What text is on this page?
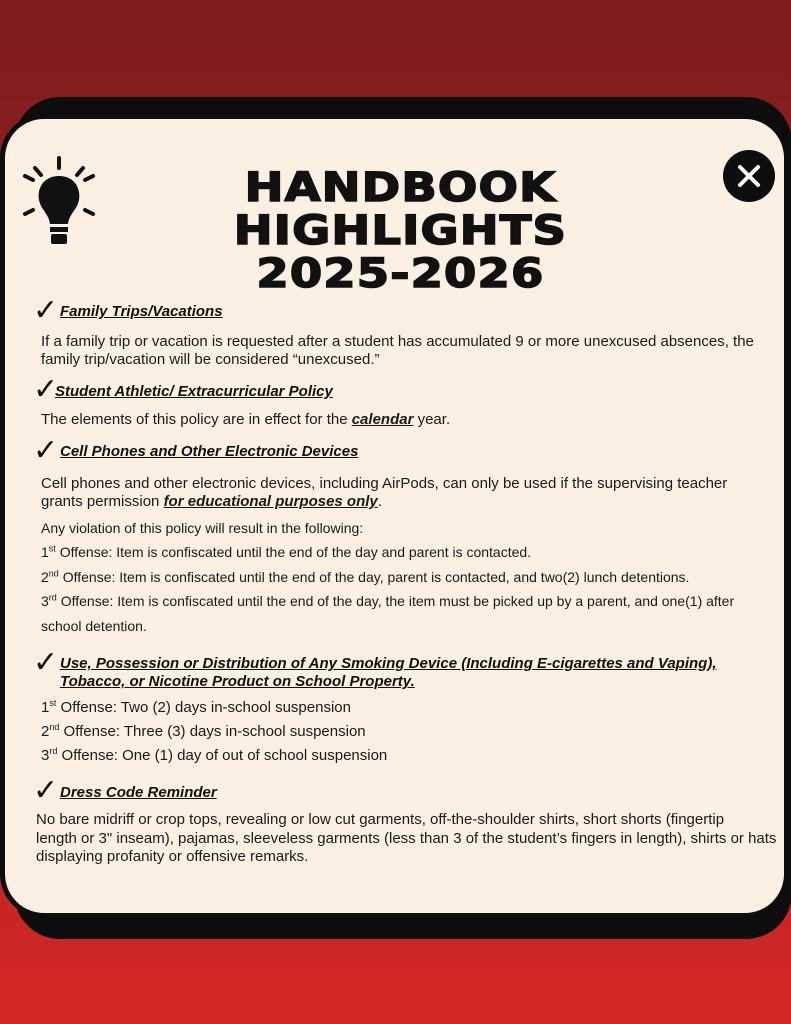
HANDBOOK
HIGHLIGHTS
2025-2026
✓ Family Trips/Vacations
If a family trip or vacation is requested after a student has accumulated 9 or more unexcused absences, the
family trip/vacation will be considered “unexcused.”
✓
Student Athletic/ Extracurricular Policy
The elements of this policy are in effect for the calendar year.
✓ Cell Phones and Other Electronic Devices
Cell phones and other electronic devices, including AirPods, can only be used if the supervising teacher
grants permission for educational purposes only.
Any violation of this policy will result in the following:
1st Offense: Item is confiscated until the end of the day and parent is contacted.
2nd Offense: Item is confiscated until the end of the day, parent is contacted, and two(2) lunch detentions.
3rd Offense: Item is confiscated until the end of the day, the item must be picked up by a parent, and one(1) after
school detention.
✓ Use, Possession or Distribution of Any Smoking Device (Including E-cigarettes and Vaping),
Tobacco, or Nicotine Product on School Property.
1st Offense: Two (2) days in-school suspension
2nd Offense: Three (3) days in-school suspension
3rd Offense: One (1) day of out of school suspension
✓ Dress Code Reminder
No bare midriff or crop tops, revealing or low cut garments, off-the-shoulder shirts, short shorts (fingertip
length or 3" inseam), pajamas, sleeveless garments (less than 3 of the student’s fingers in length), shirts or hats
displaying profanity or offensive remarks.
